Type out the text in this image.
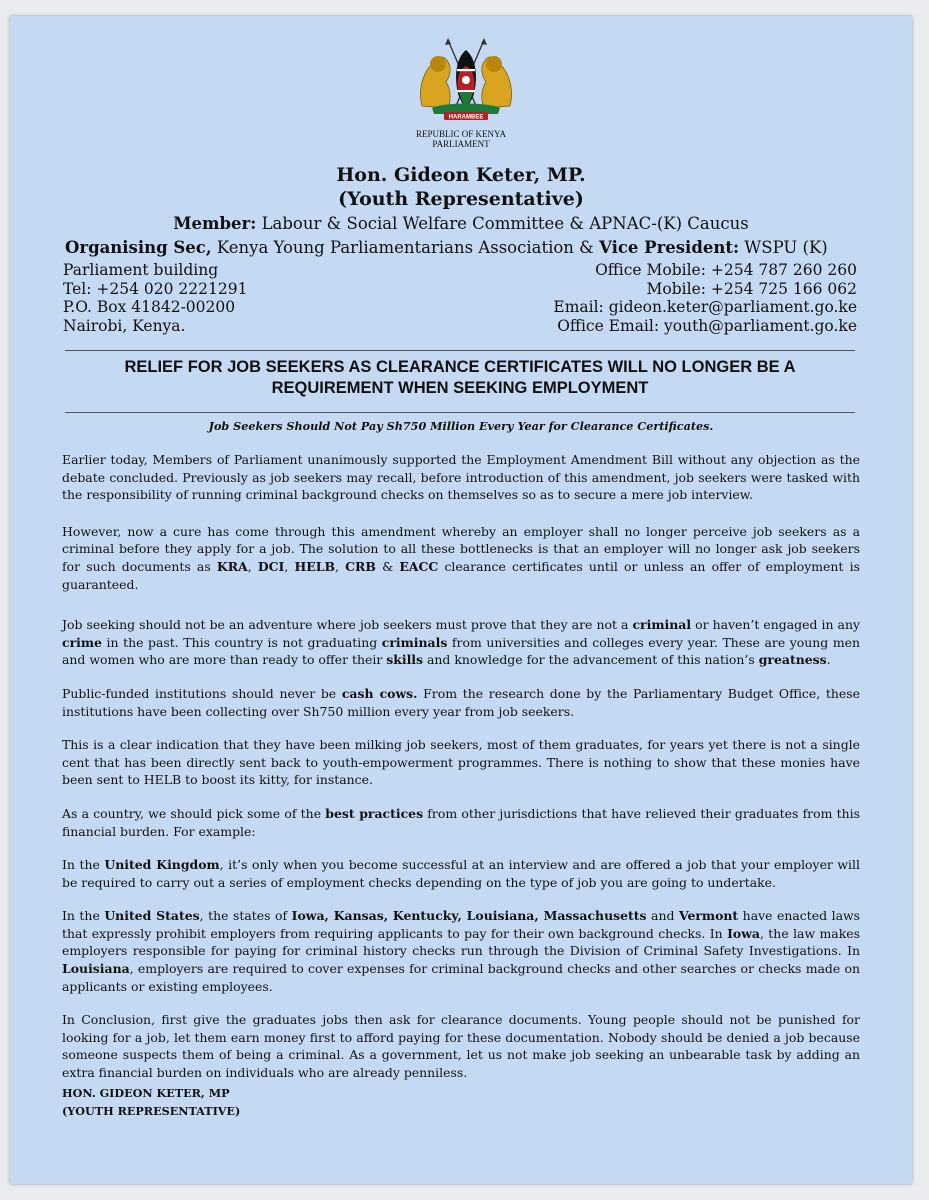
HARAMBEE
REPUBLIC OF KENYA
PARLIAMENT
Hon. Gideon Keter, MP.
(Youth Representative)
Member: Labour & Social Welfare Committee & APNAC-(K) Caucus
Organising Sec, Kenya Young Parliamentarians Association & Vice President: WSPU (K)
Parliament building
Tel: +254 020 2221291
P.O. Box 41842-00200
Nairobi, Kenya.
Office Mobile: +254 787 260 260
Mobile: +254 725 166 062
Email: gideon.keter@parliament.go.ke
Office Email: youth@parliament.go.ke
RELIEF FOR JOB SEEKERS AS CLEARANCE CERTIFICATES WILL NO LONGER BE A
REQUIREMENT WHEN SEEKING EMPLOYMENT
Job Seekers Should Not Pay Sh750 Million Every Year for Clearance Certificates.

Earlier today, Members of Parliament unanimously supported the Employment Amendment Bill without any objection as the debate concluded. Previously as job seekers may recall, before introduction of this amendment, job seekers were tasked with the responsibility of running criminal background checks on themselves so as to secure a mere job interview.

However, now a cure has come through this amendment whereby an employer shall no longer perceive job seekers as a criminal before they apply for a job. The solution to all these bottlenecks is that an employer will no longer ask job seekers for such documents as KRA, DCI, HELB, CRB & EACC clearance certificates until or unless an offer of employment is guaranteed.

Job seeking should not be an adventure where job seekers must prove that they are not a criminal or haven’t engaged in any crime in the past. This country is not graduating criminals from universities and colleges every year. These are young men and women who are more than ready to offer their skills and knowledge for the advancement of this nation’s greatness.

Public-funded institutions should never be cash cows. From the research done by the Parliamentary Budget Office, these institutions have been collecting over Sh750 million every year from job seekers.

This is a clear indication that they have been milking job seekers, most of them graduates, for years yet there is not a single cent that has been directly sent back to youth-empowerment programmes. There is nothing to show that these monies have been sent to HELB to boost its kitty, for instance.

As a country, we should pick some of the best practices from other jurisdictions that have relieved their graduates from this financial burden. For example:

In the United Kingdom, it’s only when you become successful at an interview and are offered a job that your employer will be required to carry out a series of employment checks depending on the type of job you are going to undertake.

In the United States, the states of Iowa, Kansas, Kentucky, Louisiana, Massachusetts and Vermont have enacted laws that expressly prohibit employers from requiring applicants to pay for their own background checks. In Iowa, the law makes employers responsible for paying for criminal history checks run through the Division of Criminal Safety Investigations. In Louisiana, employers are required to cover expenses for criminal background checks and other searches or checks made on applicants or existing employees.

In Conclusion, first give the graduates jobs then ask for clearance documents. Young people should not be punished for looking for a job, let them earn money first to afford paying for these documentation. Nobody should be denied a job because someone suspects them of being a criminal. As a government, let us not make job seeking an unbearable task by adding an extra financial burden on individuals who are already penniless.

HON. GIDEON KETER, MP
(YOUTH REPRESENTATIVE)
